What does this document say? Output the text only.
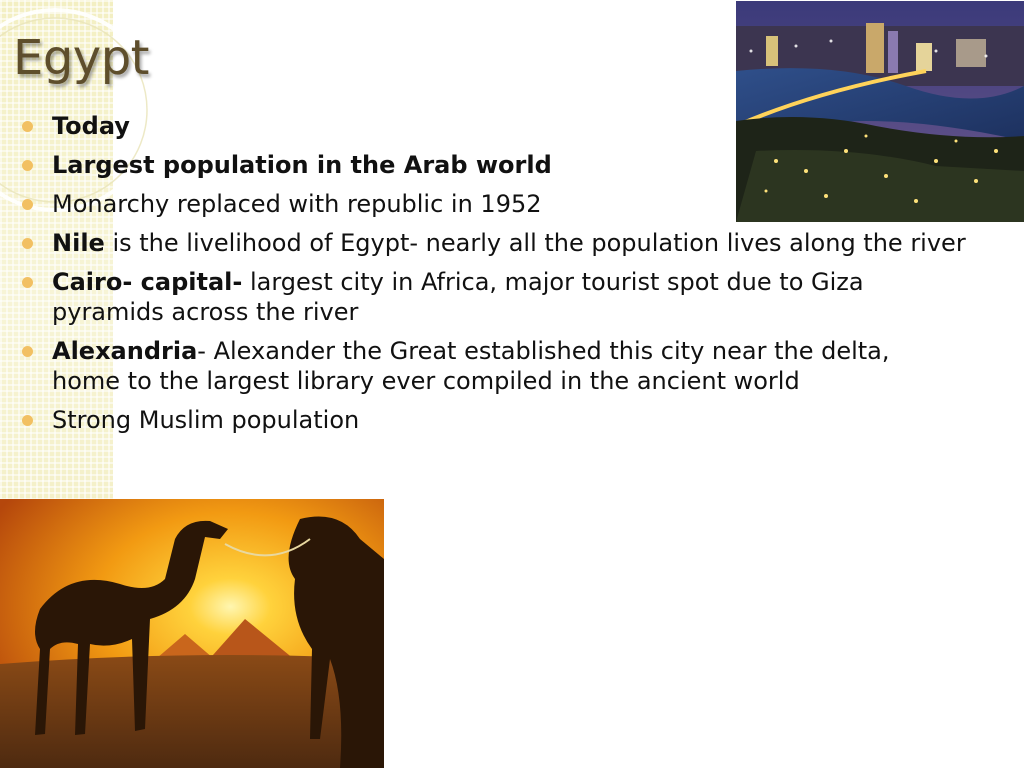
Egypt
Today
Largest population in the Arab world
Monarchy replaced with republic in 1952
Nile is the livelihood of Egypt- nearly all the population lives along the river
Cairo- capital- largest city in Africa, major tourist spot due to Giza pyramids across the river
Alexandria- Alexander the Great established this city near the delta, home to the largest library ever compiled in the ancient world
Strong Muslim population
